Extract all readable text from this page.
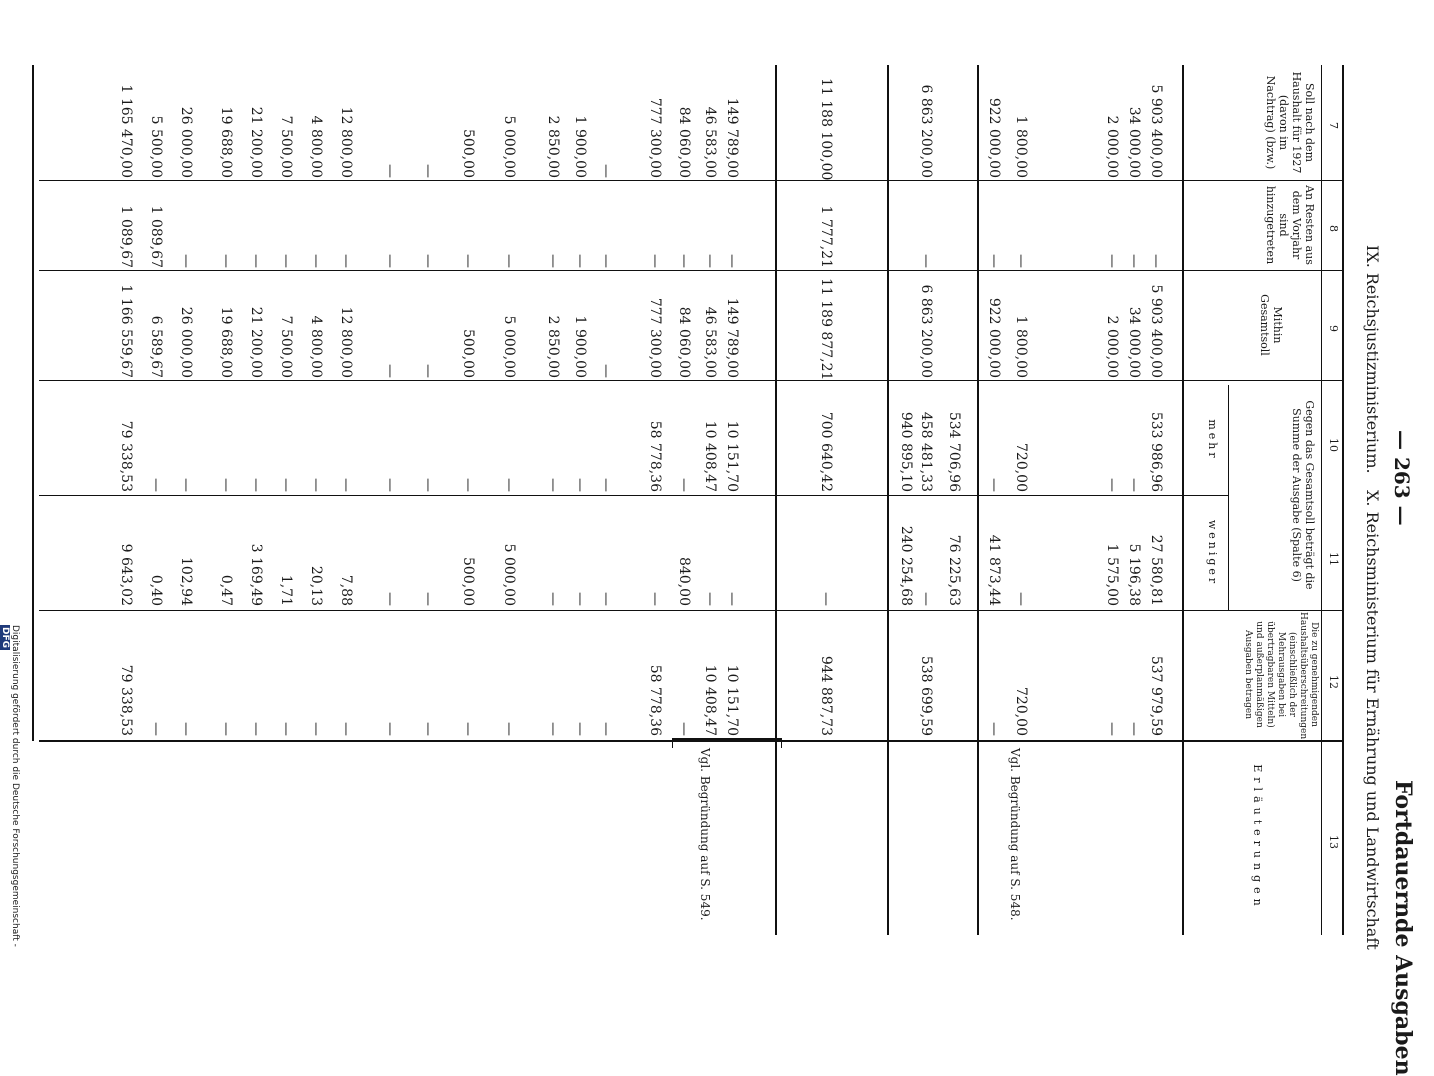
— 263 —
Fortdauernde Ausgaben
IX. Reichsjustizministerium.
X. Reichsministerium für Ernährung und Landwirtschaft
7
8
9
10
11
12
13
Soll nach dem Haushalt für 1927 (davon im Nachtrag) (bzw.)
An Resten aus dem Vorjahr sind hinzugetreten
Mithin Gesamtsoll
Gegen das Gesamtsoll beträgt die Summe der Ausgabe (Spalte 6)
mehr
weniger
Die zu genehmigenden Haushaltsüberschreitungen (einschließlich der Mehrausgaben bei übertragbaren Mitteln) und außerplanmäßigen Ausgaben betragen
Erläuterungen
5 903 400,00
—
5 903 400,00
533 986,96
27 580,81
537 979,59
34 000,00
—
34 000,00
—
5 196,38
—
2 000,00
—
2 000,00
—
1 575,00
—
1 800,00
—
1 800,00
720,00
—
720,00
922 000,00
—
922 000,00
—
41 873,44
—
534 706,96
76 225,63
6 863 200,00
—
6 863 200,00
458 481,33
—
538 699,59
940 895,10
240 254,68
11 188 100,00
1 777,21
11 189 877,21
700 640,42
—
944 887,73
149 789,00
—
149 789,00
10 151,70
—
10 151,70
46 583,00
—
46 583,00
10 408,47
—
10 408,47
84 060,00
—
84 060,00
—
840,00
—
777 300,00
—
777 300,00
58 778,36
—
58 778,36
—
—
—
—
—
—
1 900,00
—
1 900,00
—
—
—
2 850,00
—
2 850,00
—
—
—
5 000,00
—
5 000,00
—
5 000,00
—
500,00
—
500,00
—
500,00
—
—
—
—
—
—
—
—
—
—
—
—
—
12 800,00
—
12 800,00
—
7,88
—
4 800,00
—
4 800,00
—
20,13
—
7 500,00
—
7 500,00
—
1,71
—
21 200,00
—
21 200,00
—
3 169,49
—
19 688,00
—
19 688,00
—
0,47
—
26 000,00
—
26 000,00
—
102,94
—
5 500,00
1 089,67
6 589,67
—
0,40
—
1 165 470,00
1 089,67
1 166 559,67
79 338,53
9 643,02
79 338,53
Vgl. Begründung auf S. 548.
Vgl. Begründung auf S. 549.
Digitalisierung gefördert durch die Deutsche Forschungsgemeinschaft - DFG
